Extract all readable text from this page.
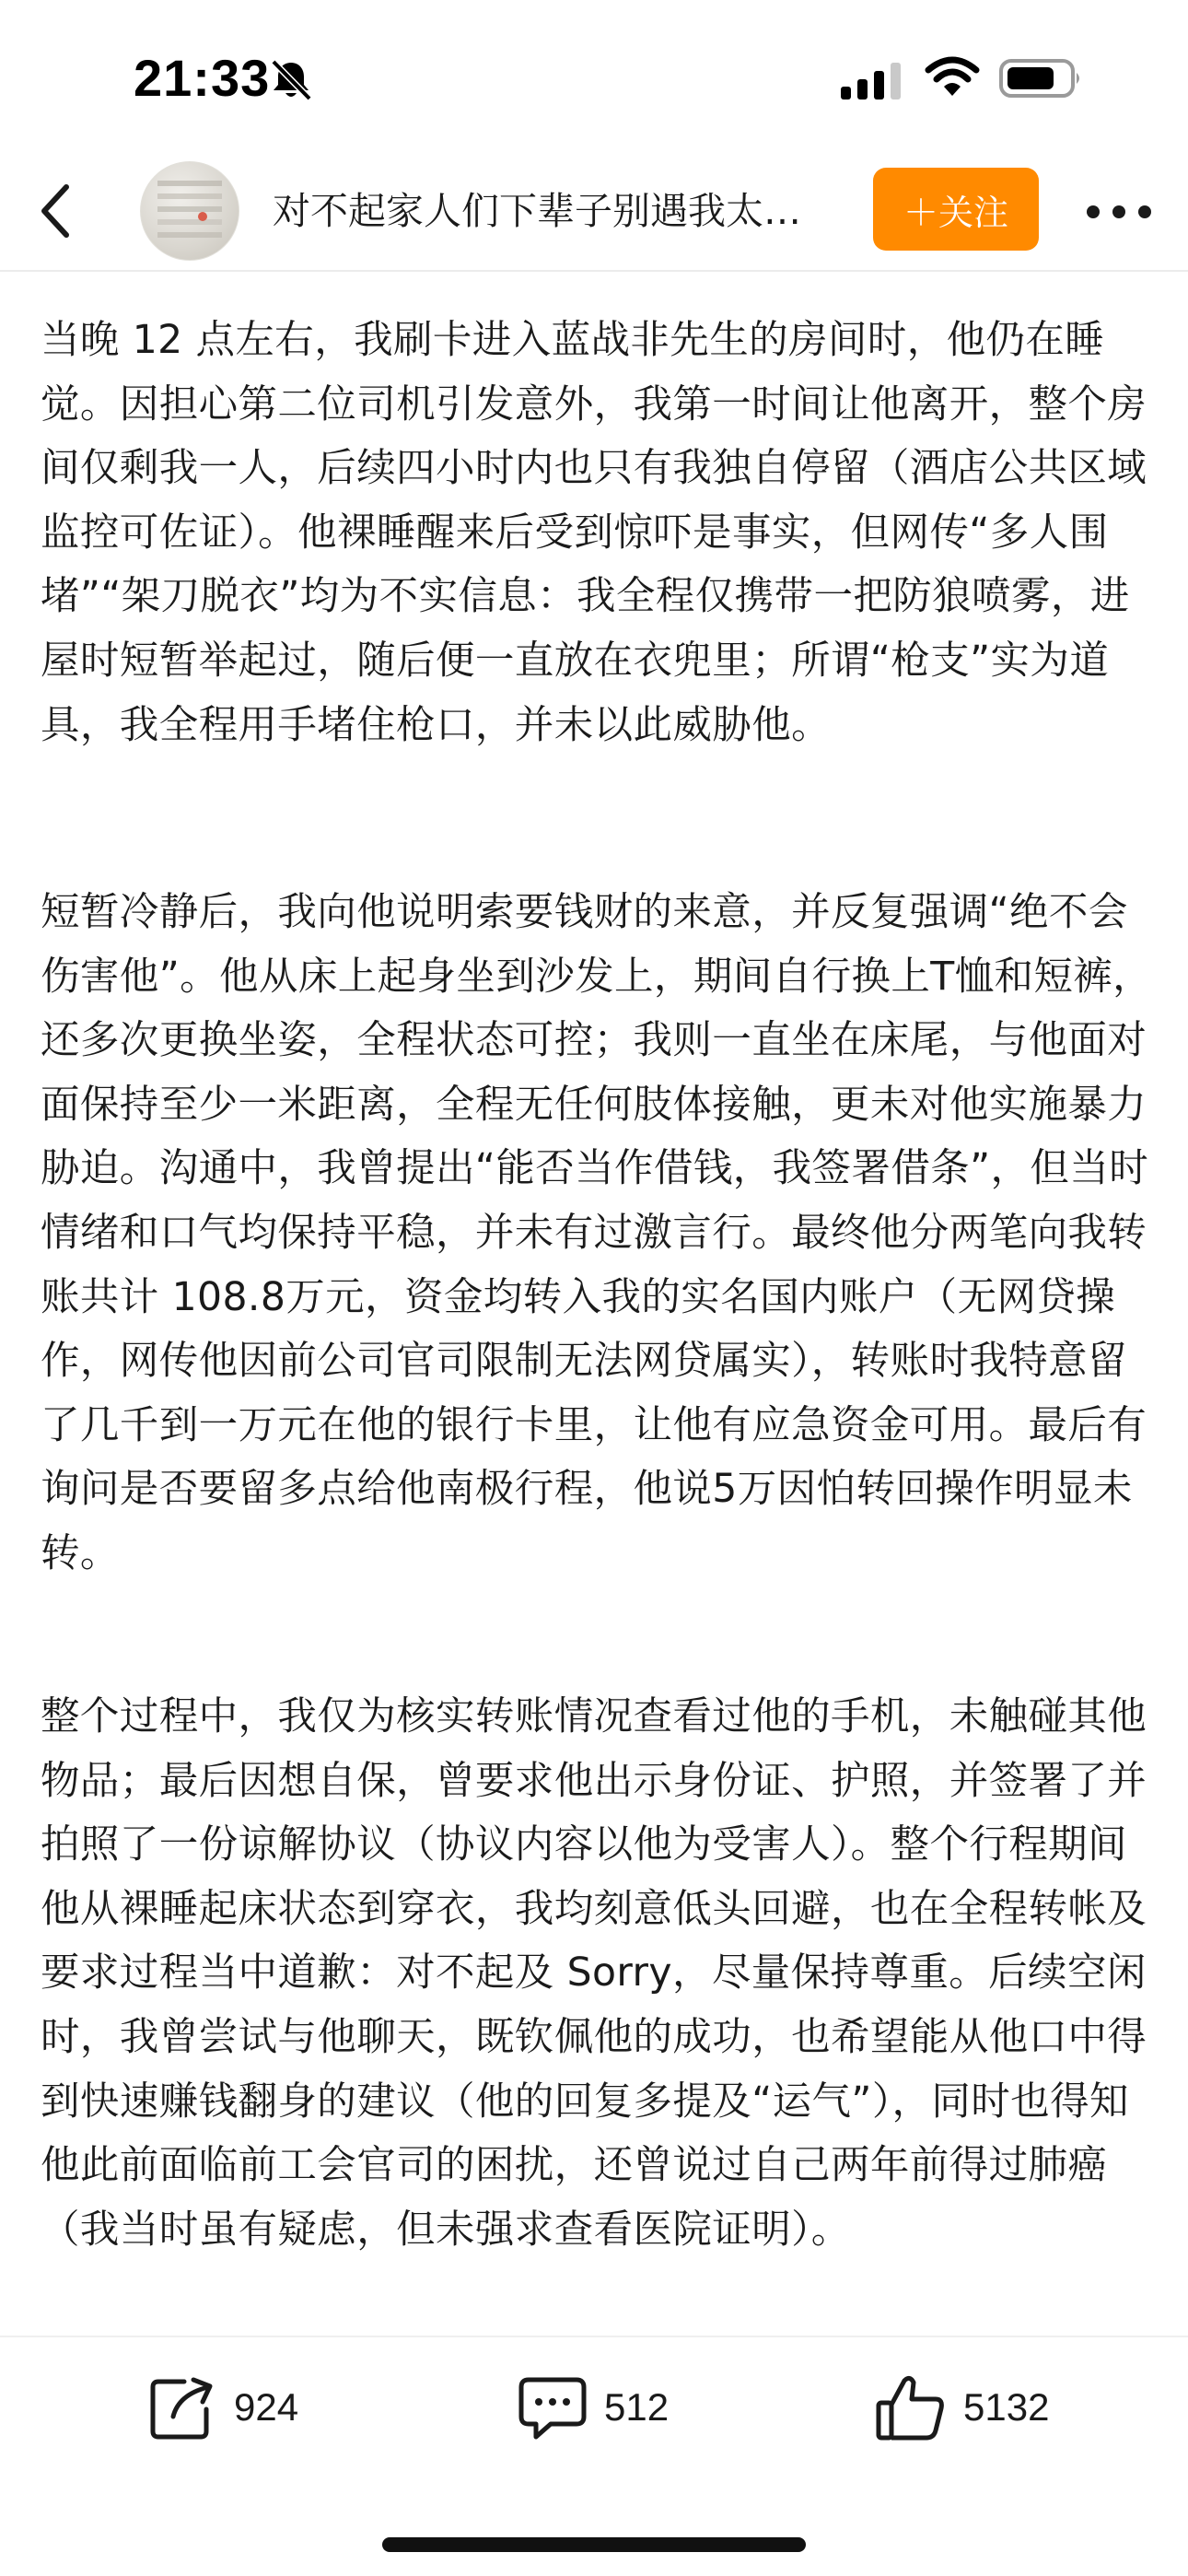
21:33
对不起家人们下辈子别遇我太…	＋关注

当晚 12 点左右，我刷卡进入蓝战非先生的房间时，他仍在睡觉。因担心第二位司机引发意外，我第一时间让他离开，整个房间仅剩我一人，后续四小时内也只有我独自停留（酒店公共区域监控可佐证）。他裸睡醒来后受到惊吓是事实，但网传“多人围堵”“架刀脱衣”均为不实信息：我全程仅携带一把防狼喷雾，进屋时短暂举起过，随后便一直放在衣兜里；所谓“枪支”实为道具，我全程用手堵住枪口，并未以此威胁他。

短暂冷静后，我向他说明索要钱财的来意，并反复强调“绝不会伤害他”。他从床上起身坐到沙发上，期间自行换上T恤和短裤，还多次更换坐姿，全程状态可控；我则一直坐在床尾，与他面对面保持至少一米距离，全程无任何肢体接触，更未对他实施暴力胁迫。沟通中，我曾提出“能否当作借钱，我签署借条”，但当时情绪和口气均保持平稳，并未有过激言行。最终他分两笔向我转账共计 108.8万元，资金均转入我的实名国内账户（无网贷操作，网传他因前公司官司限制无法网贷属实），转账时我特意留了几千到一万元在他的银行卡里，让他有应急资金可用。最后有询问是否要留多点给他南极行程，他说5万因怕转回操作明显未转。

整个过程中，我仅为核实转账情况查看过他的手机，未触碰其他物品；最后因想自保，曾要求他出示身份证、护照，并签署了并拍照了一份谅解协议（协议内容以他为受害人）。整个行程期间他从裸睡起床状态到穿衣，我均刻意低头回避，也在全程转帐及要求过程当中道歉：对不起及 Sorry，尽量保持尊重。后续空闲时，我曾尝试与他聊天，既钦佩他的成功，也希望能从他口中得到快速赚钱翻身的建议（他的回复多提及“运气”），同时也得知他此前面临前工会官司的困扰，还曾说过自己两年前得过肺癌（我当时虽有疑虑，但未强求查看医院证明）。

924	512	5132
